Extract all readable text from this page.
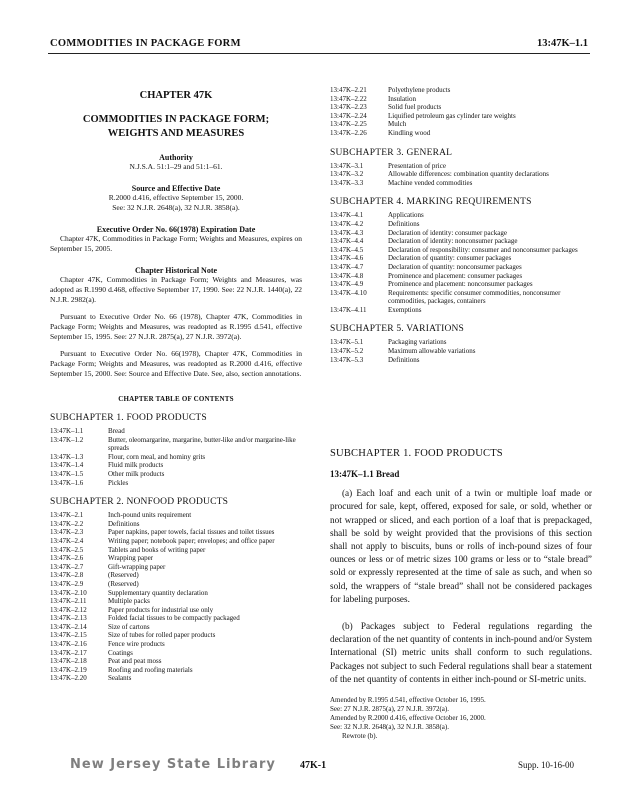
COMMODITIES IN PACKAGE FORM	13:47K–1.1
CHAPTER 47K
COMMODITIES IN PACKAGE FORM;
WEIGHTS AND MEASURES
Authority
N.J.S.A. 51:1–29 and 51:1–61.
Source and Effective Date
R.2000 d.416, effective September 15, 2000.
See: 32 N.J.R. 2648(a), 32 N.J.R. 3858(a).
Executive Order No. 66(1978) Expiration Date

Chapter 47K, Commodities in Package Form; Weights and Measures, expires on September 15, 2005.

Chapter Historical Note

Chapter 47K, Commodities in Package Form; Weights and Measures, was adopted as R.1990 d.468, effective September 17, 1990. See: 22 N.J.R. 1440(a), 22 N.J.R. 2982(a).

Pursuant to Executive Order No. 66 (1978), Chapter 47K, Commodities in Package Form; Weights and Measures, was readopted as R.1995 d.541, effective September 15, 1995. See: 27 N.J.R. 2875(a), 27 N.J.R. 3972(a).

Pursuant to Executive Order No. 66(1978), Chapter 47K, Commodities in Package Form; Weights and Measures, was readopted as R.2000 d.416, effective September 15, 2000. See: Source and Effective Date. See, also, section annotations.

CHAPTER TABLE OF CONTENTS
SUBCHAPTER 1. FOOD PRODUCTS
13:47K–1.1	Bread
13:47K–1.2	Butter, oleomargarine, margarine, butter-like and/or margarine-like spreads
13:47K–1.3	Flour, corn meal, and hominy grits
13:47K–1.4	Fluid milk products
13:47K–1.5	Other milk products
13:47K–1.6	Pickles
SUBCHAPTER 2. NONFOOD PRODUCTS
13:47K–2.1	Inch-pound units requirement
13:47K–2.2	Definitions
13:47K–2.3	Paper napkins, paper towels, facial tissues and toilet tissues
13:47K–2.4	Writing paper; notebook paper; envelopes; and office paper
13:47K–2.5	Tablets and books of writing paper
13:47K–2.6	Wrapping paper
13:47K–2.7	Gift-wrapping paper
13:47K–2.8	(Reserved)
13:47K–2.9	(Reserved)
13:47K–2.10	Supplementary quantity declaration
13:47K–2.11	Multiple packs
13:47K–2.12	Paper products for industrial use only
13:47K–2.13	Folded facial tissues to be compactly packaged
13:47K–2.14	Size of cartons
13:47K–2.15	Size of tubes for rolled paper products
13:47K–2.16	Fence wire products
13:47K–2.17	Coatings
13:47K–2.18	Peat and peat moss
13:47K–2.19	Roofing and roofing materials
13:47K–2.20	Sealants
13:47K–2.21	Polyethylene products
13:47K–2.22	Insulation
13:47K–2.23	Solid fuel products
13:47K–2.24	Liquified petroleum gas cylinder tare weights
13:47K–2.25	Mulch
13:47K–2.26	Kindling wood
SUBCHAPTER 3. GENERAL
13:47K–3.1	Presentation of price
13:47K–3.2	Allowable differences: combination quantity declarations
13:47K–3.3	Machine vended commodities
SUBCHAPTER 4. MARKING REQUIREMENTS
13:47K–4.1	Applications
13:47K–4.2	Definitions
13:47K–4.3	Declaration of identity: consumer package
13:47K–4.4	Declaration of identity: nonconsumer package
13:47K–4.5	Declaration of responsibility: consumer and nonconsumer packages
13:47K–4.6	Declaration of quantity: consumer packages
13:47K–4.7	Declaration of quantity: nonconsumer packages
13:47K–4.8	Prominence and placement: consumer packages
13:47K–4.9	Prominence and placement: nonconsumer packages
13:47K–4.10	Requirements: specific consumer commodities, nonconsumer commodities, packages, containers
13:47K–4.11	Exemptions
SUBCHAPTER 5. VARIATIONS
13:47K–5.1	Packaging variations
13:47K–5.2	Maximum allowable variations
13:47K–5.3	Definitions
SUBCHAPTER 1. FOOD PRODUCTS
13:47K–1.1 Bread

(a) Each loaf and each unit of a twin or multiple loaf made or procured for sale, kept, offered, exposed for sale, or sold, whether or not wrapped or sliced, and each portion of a loaf that is prepackaged, shall be sold by weight provided that the provisions of this section shall not apply to biscuits, buns or rolls of inch-pound sizes of four ounces or less or of metric sizes 100 grams or less or to “stale bread” sold or expressly represented at the time of sale as such, and when so sold, the wrappers of “stale bread” shall not be considered packages for labeling purposes.

(b) Packages subject to Federal regulations regarding the declaration of the net quantity of contents in inch-pound and/or System International (SI) metric units shall conform to such regulations. Packages not subject to such Federal regulations shall bear a statement of the net quantity of contents in either inch-pound or SI-metric units.

Amended by R.1995 d.541, effective October 16, 1995.
See: 27 N.J.R. 2875(a), 27 N.J.R. 3972(a).
Amended by R.2000 d.416, effective October 16, 2000.
See: 32 N.J.R. 2648(a), 32 N.J.R. 3858(a).
Rewrote (b).
New Jersey State Library 47K-1	Supp. 10-16-00
